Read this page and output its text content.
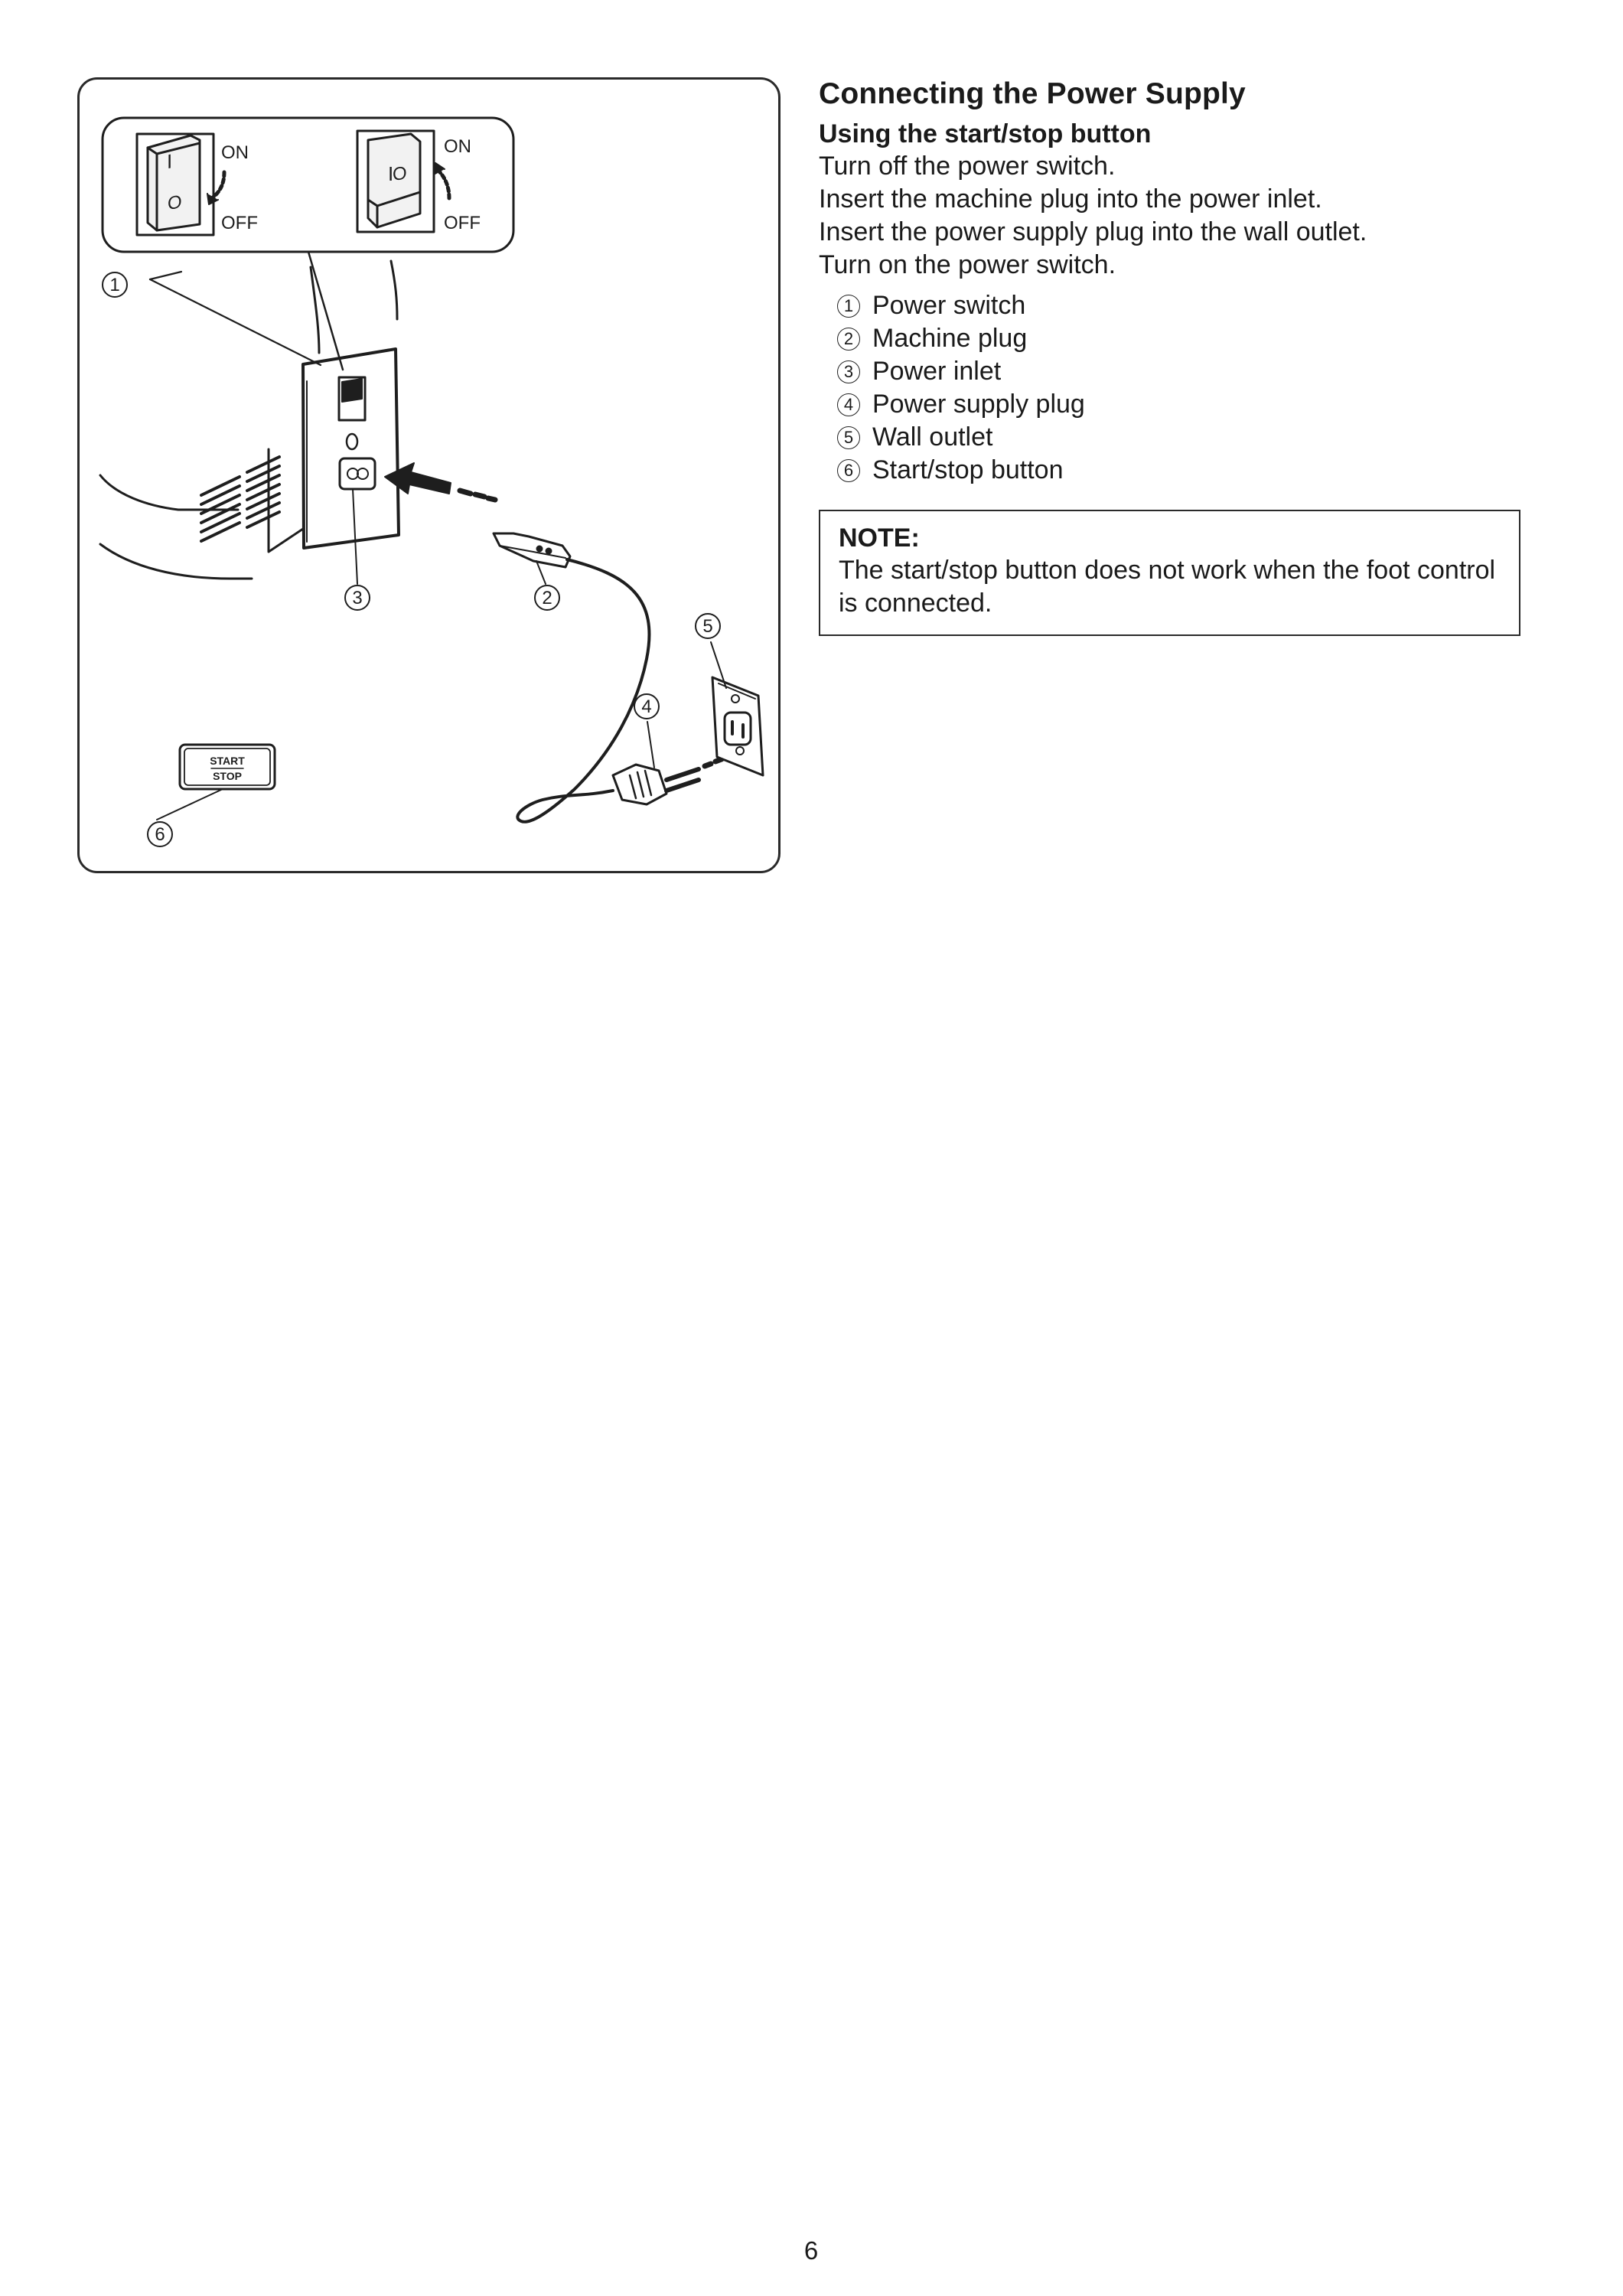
I
O
ON
OFF
I
O
ON
OFF
START
STOP
1
3	2
5
4
6
Connecting the Power Supply
Using the start/stop button

Turn off the power switch.

Insert the machine plug into the power inlet.

Insert the power supply plug into the wall outlet.

Turn on the power switch.

1 Power switch
2 Machine plug
3 Power inlet
4 Power supply plug
5 Wall outlet
6 Start/stop button

NOTE:

The start/stop button does not work when the foot control is connected.

6
